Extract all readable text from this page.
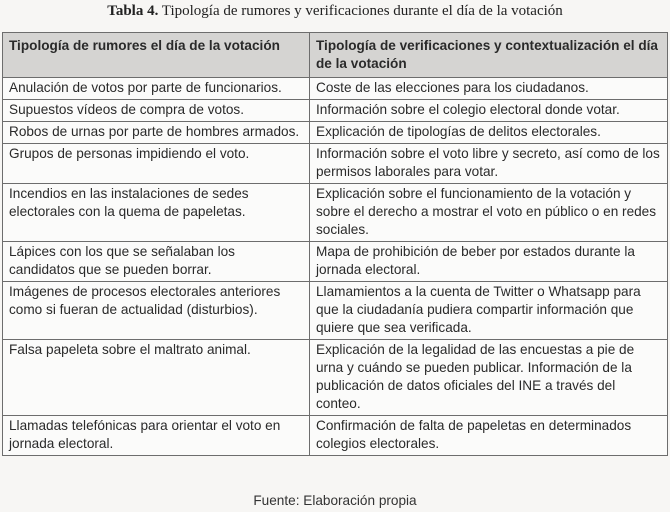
Tabla 4. Tipología de rumores y verificaciones durante el día de la votación
Tipología de rumores el día de la votación	Tipología de verificaciones y contextualización el día de la votación
Anulación de votos por parte de funcionarios.	Coste de las elecciones para los ciudadanos.
Supuestos vídeos de compra de votos.	Información sobre el colegio electoral donde votar.
Robos de urnas por parte de hombres armados.	Explicación de tipologías de delitos electorales.
Grupos de personas impidiendo el voto.	Información sobre el voto libre y secreto, así como de los permisos laborales para votar.
Incendios en las instalaciones de sedes electorales con la quema de papeletas.	Explicación sobre el funcionamiento de la votación y sobre el derecho a mostrar el voto en público o en redes sociales.
Lápices con los que se señalaban los candidatos que se pueden borrar.	Mapa de prohibición de beber por estados durante la jornada electoral.
Imágenes de procesos electorales anteriores como si fueran de actualidad (disturbios).	Llamamientos a la cuenta de Twitter o Whatsapp para que la ciudadanía pudiera compartir información que quiere que sea verificada.
Falsa papeleta sobre el maltrato animal.	Explicación de la legalidad de las encuestas a pie de urna y cuándo se pueden publicar. Información de la publicación de datos oficiales del INE a través del conteo.
Llamadas telefónicas para orientar el voto en jornada electoral.	Confirmación de falta de papeletas en determinados colegios electorales.
Fuente: Elaboración propia
